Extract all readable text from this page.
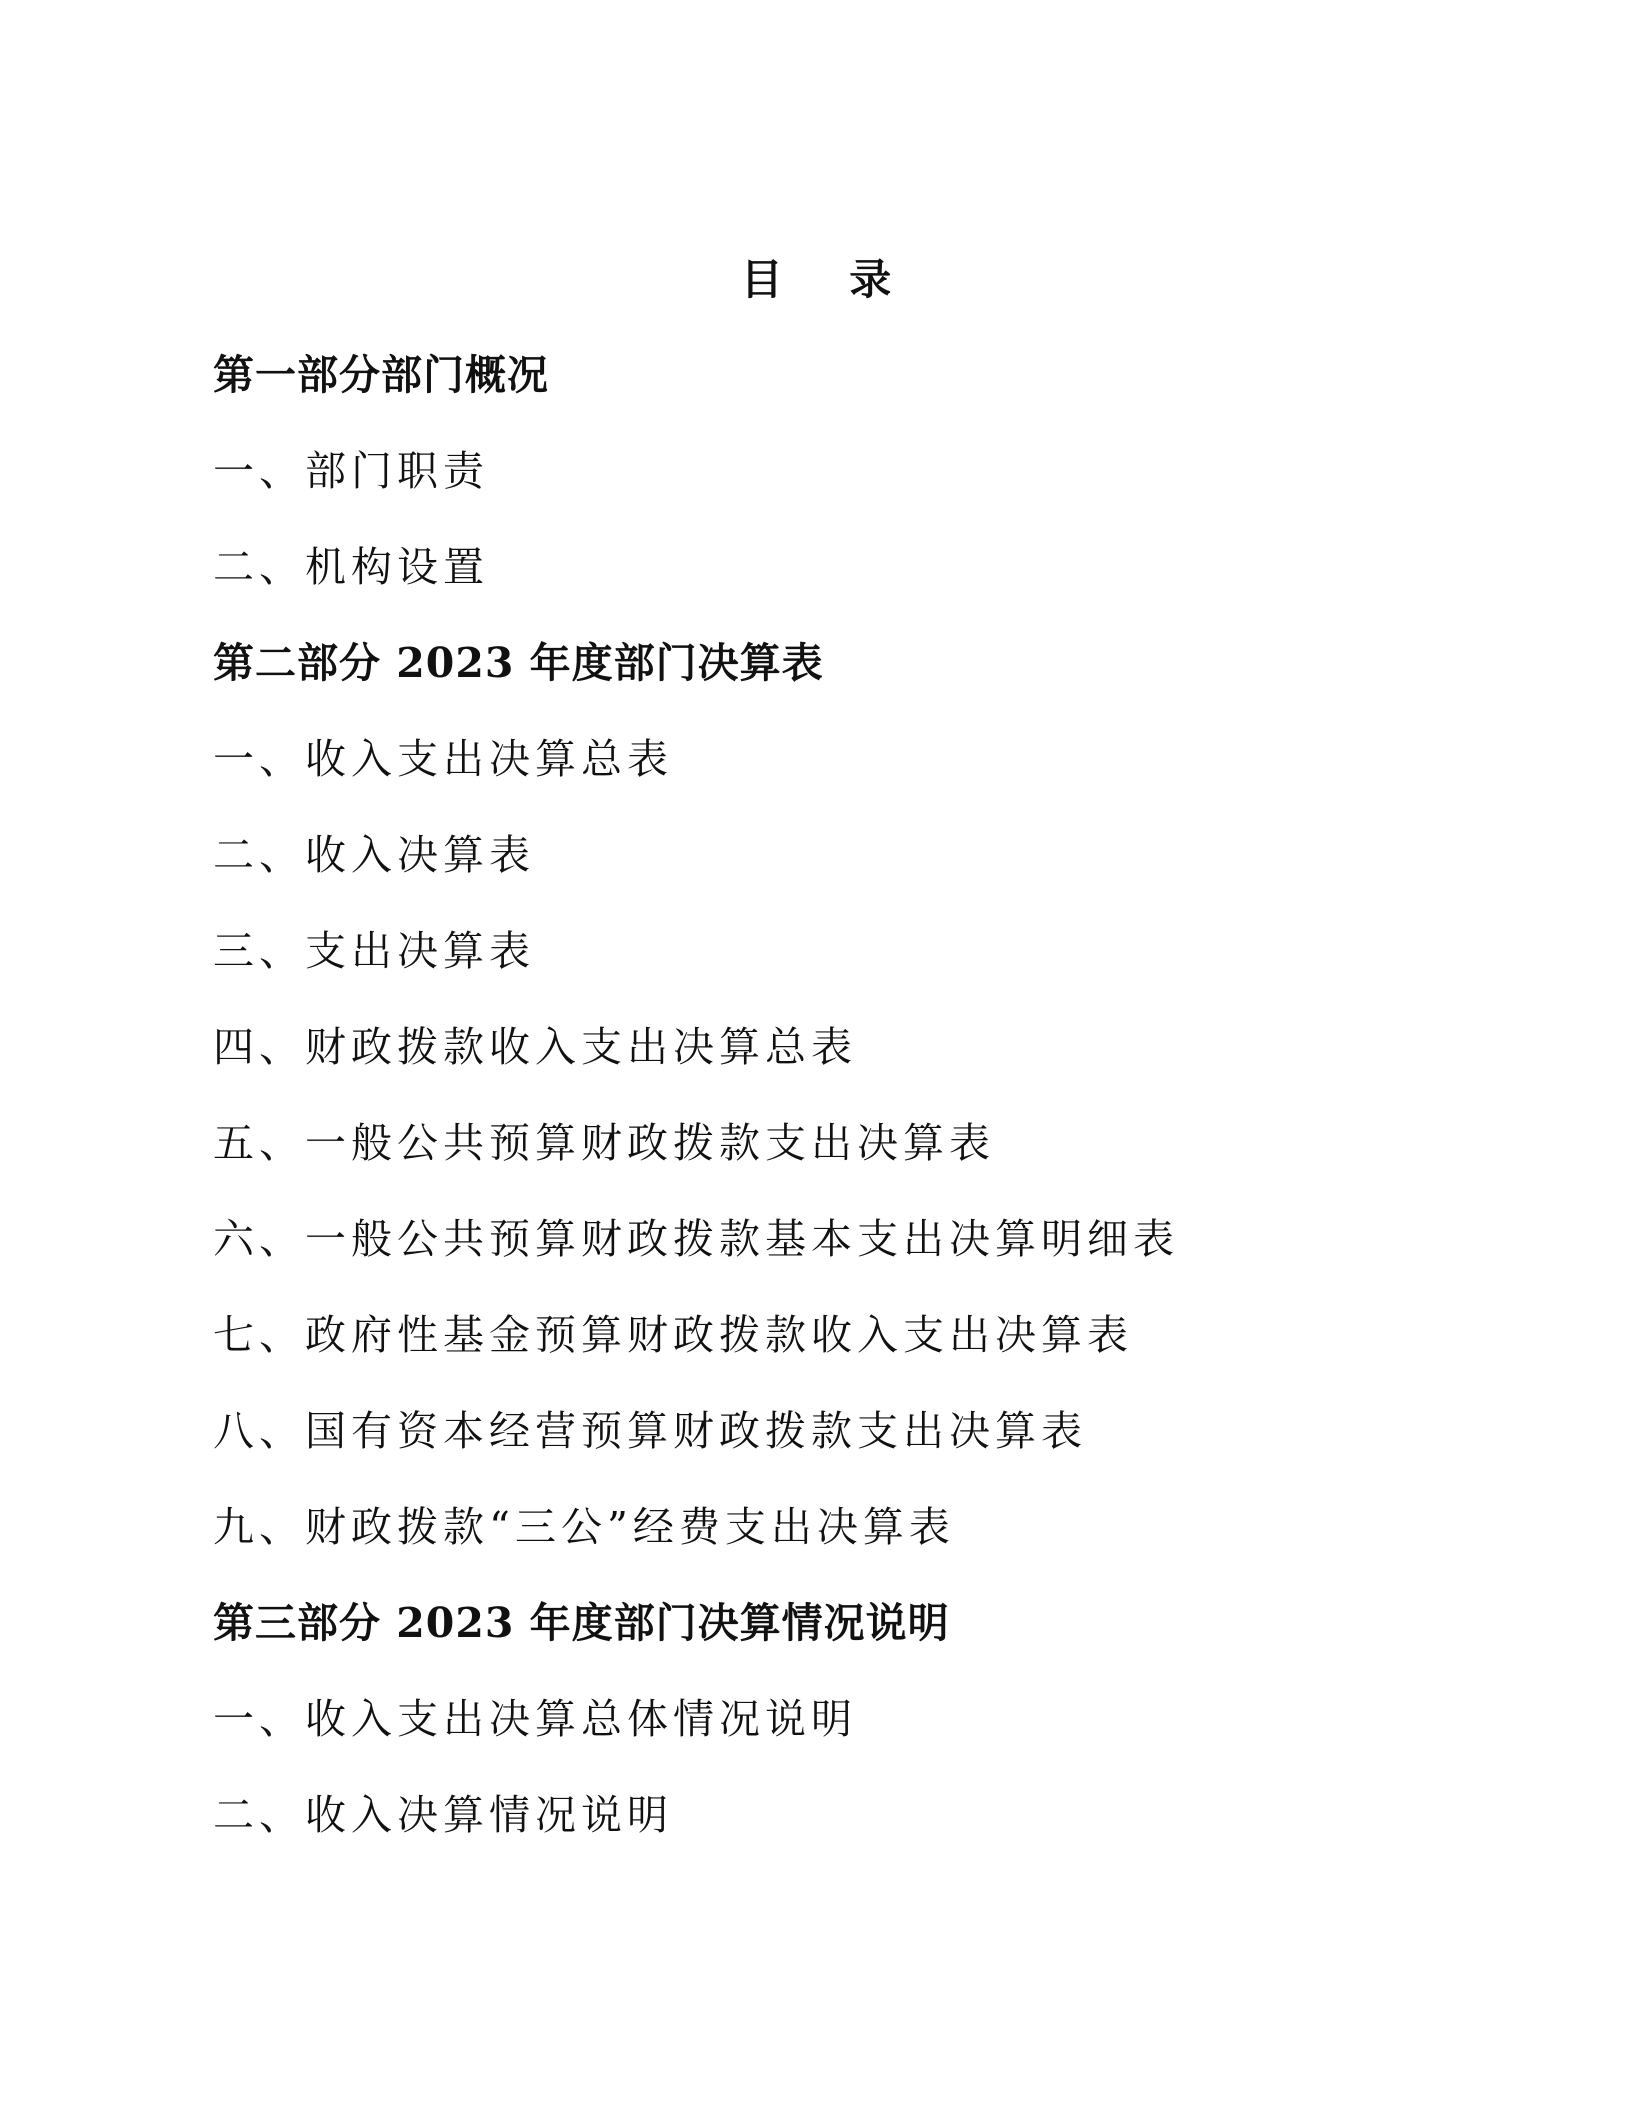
目 录
第一部分部门概况
一、部门职责
二、机构设置
第二部分 2023 年度部门决算表
一、收入支出决算总表
二、收入决算表
三、支出决算表
四、财政拨款收入支出决算总表
五、一般公共预算财政拨款支出决算表
六、一般公共预算财政拨款基本支出决算明细表
七、政府性基金预算财政拨款收入支出决算表
八、国有资本经营预算财政拨款支出决算表
九、财政拨款“三公”经费支出决算表
第三部分 2023 年度部门决算情况说明
一、收入支出决算总体情况说明
二、收入决算情况说明
